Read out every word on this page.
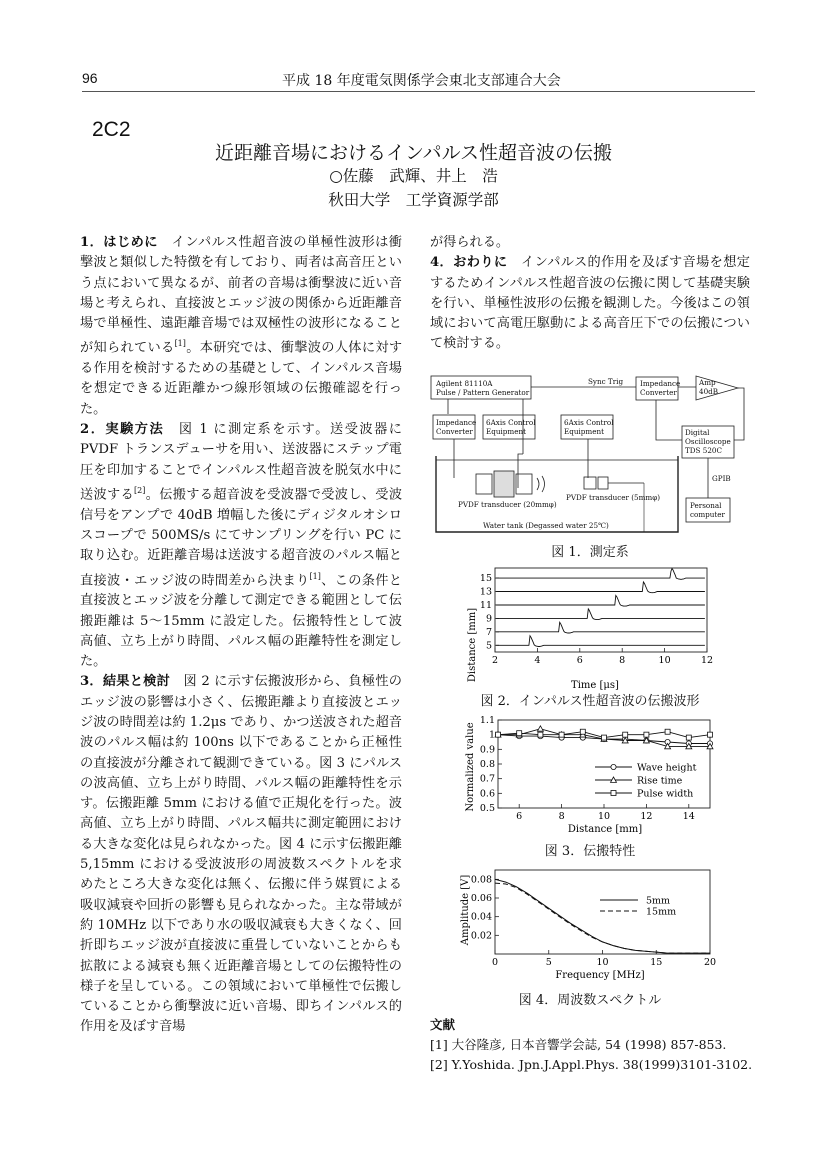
96	平成 18 年度電気関係学会東北支部連合大会
2C2
近距離音場におけるインパルス性超音波の伝搬
○佐藤　武輝、井上　浩
秋田大学　工学資源学部

1．はじめに　 インパルス性超音波の単極性波形は衝撃波と類似した特徴を有しており、両者は高音圧という点において異なるが、前者の音場は衝撃波に近い音場と考えられ、直接波とエッジ波の関係から近距離音場で単極性、遠距離音場では双極性の波形になることが知られている[1]。本研究では、衝撃波の人体に対する作用を検討するための基礎として、インパルス音場を想定できる近距離かつ線形領域の伝搬確認を行った。

2．実験方法　 図 1 に測定系を示す。送受波器にPVDF トランスデューサを用い、送波器にステップ電圧を印加することでインパルス性超音波を脱気水中に送波する[2]。伝搬する超音波を受波器で受波し、受波信号をアンプで 40dB 増幅した後にディジタルオシロスコープで 500MS/s にてサンプリングを行い PC に取り込む。近距離音場は送波する超音波のパルス幅と直接波・エッジ波の時間差から決まり[1]、この条件と直接波とエッジ波を分離して測定できる範囲として伝搬距離は 5～15mm に設定した。伝搬特性として波高値、立ち上がり時間、パルス幅の距離特性を測定した。

3．結果と検討　 図 2 に示す伝搬波形から、負極性のエッジ波の影響は小さく、伝搬距離より直接波とエッジ波の時間差は約 1.2μs であり、かつ送波された超音波のパルス幅は約 100ns 以下であることから正極性の直接波が分離されて観測できている。図 3 にパルスの波高値、立ち上がり時間、パルス幅の距離特性を示す。伝搬距離 5mm における値で正規化を行った。波高値、立ち上がり時間、パルス幅共に測定範囲における大きな変化は見られなかった。図 4 に示す伝搬距離 5,15mm における受波波形の周波数スペクトルを求めたところ大きな変化は無く、伝搬に伴う媒質による吸収減衰や回折の影響も見られなかった。主な帯域が約 10MHz 以下であり水の吸収減衰も大きくなく、回折即ちエッジ波が直接波に重畳していないことからも拡散による減衰も無く近距離音場としての伝搬特性の様子を呈している。この領域において単極性で伝搬していることから衝撃波に近い音場、即ちインパルス的作用を及ぼす音場

が得られる。

4．おわりに　 インパルス的作用を及ぼす音場を想定するためインパルス性超音波の伝搬に関して基礎実験を行い、単極性波形の伝搬を観測した。今後はこの領域において高電圧駆動による高音圧下での伝搬について検討する。

Agilent 81110A
Pulse / Pattern Generator
Sync Trig Impedance
Converter
Amp
40dB
Impedance
Converter
6Axis Control
Equipment
6Axis Control
Equipment	Digital
Oscilloscope
TDS 520C
GPIB
Personal
computer
PVDF transducer (5mmφ)
PVDF transducer (20mmφ)
Water tank (Degassed water 25℃)
図 1．測定系
2	4	6	8	10	12
5
7
9
11
13
15
Time [μs]
Distance [mm]
図 2．インパルス性超音波の伝搬波形
6	8	10	12	14
0.5
0.6
0.7
0.8
0.9
1
1.1
Wave height
Rise time
Pulse width
Distance [mm]
Normalized value
図 3．伝搬特性
0	5	10	15	20
0.02
0.04
0.06
0.08
5mm
15mm
Frequency [MHz]
Amplitude [V]
図 4．周波数スペクトル
文献
[1] 大谷隆彦, 日本音響学会誌, 54 (1998) 857-853.
[2] Y.Yoshida. Jpn.J.Appl.Phys. 38(1999)3101-3102.
